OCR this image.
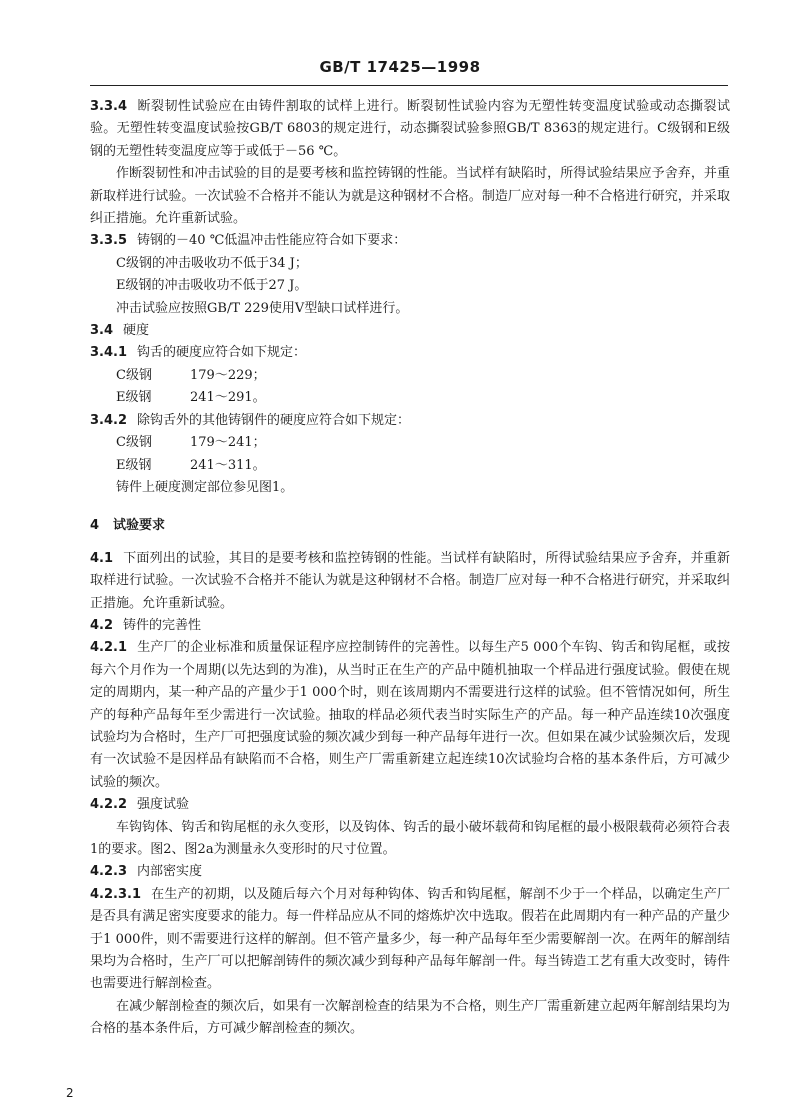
GB/T 17425—1998

3.3.4 断裂韧性试验应在由铸件割取的试样上进行。断裂韧性试验内容为无塑性转变温度试验或动态撕裂试验。无塑性转变温度试验按GB/T 6803的规定进行，动态撕裂试验参照GB/T 8363的规定进行。C级钢和E级钢的无塑性转变温度应等于或低于－56 ℃。

作断裂韧性和冲击试验的目的是要考核和监控铸钢的性能。当试样有缺陷时，所得试验结果应予舍弃，并重新取样进行试验。一次试验不合格并不能认为就是这种钢材不合格。制造厂应对每一种不合格进行研究，并采取纠正措施。允许重新试验。

3.3.5 铸钢的－40 ℃低温冲击性能应符合如下要求：

C级钢的冲击吸收功不低于34 J；

E级钢的冲击吸收功不低于27 J。

冲击试验应按照GB/T 229使用V型缺口试样进行。

3.4 硬度

3.4.1 钩舌的硬度应符合如下规定：

C级钢	179～229；
E级钢	241～291。

3.4.2 除钩舌外的其他铸钢件的硬度应符合如下规定：

C级钢	179～241；
E级钢	241～311。

铸件上硬度测定部位参见图1。

4 试验要求

4.1 下面列出的试验，其目的是要考核和监控铸钢的性能。当试样有缺陷时，所得试验结果应予舍弃，并重新取样进行试验。一次试验不合格并不能认为就是这种钢材不合格。制造厂应对每一种不合格进行研究，并采取纠正措施。允许重新试验。

4.2 铸件的完善性

4.2.1 生产厂的企业标准和质量保证程序应控制铸件的完善性。以每生产5 000个车钩、钩舌和钩尾框，或按每六个月作为一个周期(以先达到的为准)，从当时正在生产的产品中随机抽取一个样品进行强度试验。假使在规定的周期内，某一种产品的产量少于1 000个时，则在该周期内不需要进行这样的试验。但不管情况如何，所生产的每种产品每年至少需进行一次试验。抽取的样品必须代表当时实际生产的产品。每一种产品连续10次强度试验均为合格时，生产厂可把强度试验的频次减少到每一种产品每年进行一次。但如果在减少试验频次后，发现有一次试验不是因样品有缺陷而不合格，则生产厂需重新建立起连续10次试验均合格的基本条件后，方可减少试验的频次。

4.2.2 强度试验

车钩钩体、钩舌和钩尾框的永久变形，以及钩体、钩舌的最小破坏载荷和钩尾框的最小极限载荷必须符合表1的要求。图2、图2a为测量永久变形时的尺寸位置。

4.2.3 内部密实度

4.2.3.1 在生产的初期，以及随后每六个月对每种钩体、钩舌和钩尾框，解剖不少于一个样品，以确定生产厂是否具有满足密实度要求的能力。每一件样品应从不同的熔炼炉次中选取。假若在此周期内有一种产品的产量少于1 000件，则不需要进行这样的解剖。但不管产量多少，每一种产品每年至少需要解剖一次。在两年的解剖结果均为合格时，生产厂可以把解剖铸件的频次减少到每种产品每年解剖一件。每当铸造工艺有重大改变时，铸件也需要进行解剖检查。

在减少解剖检查的频次后，如果有一次解剖检查的结果为不合格，则生产厂需重新建立起两年解剖结果均为合格的基本条件后，方可减少解剖检查的频次。

2
